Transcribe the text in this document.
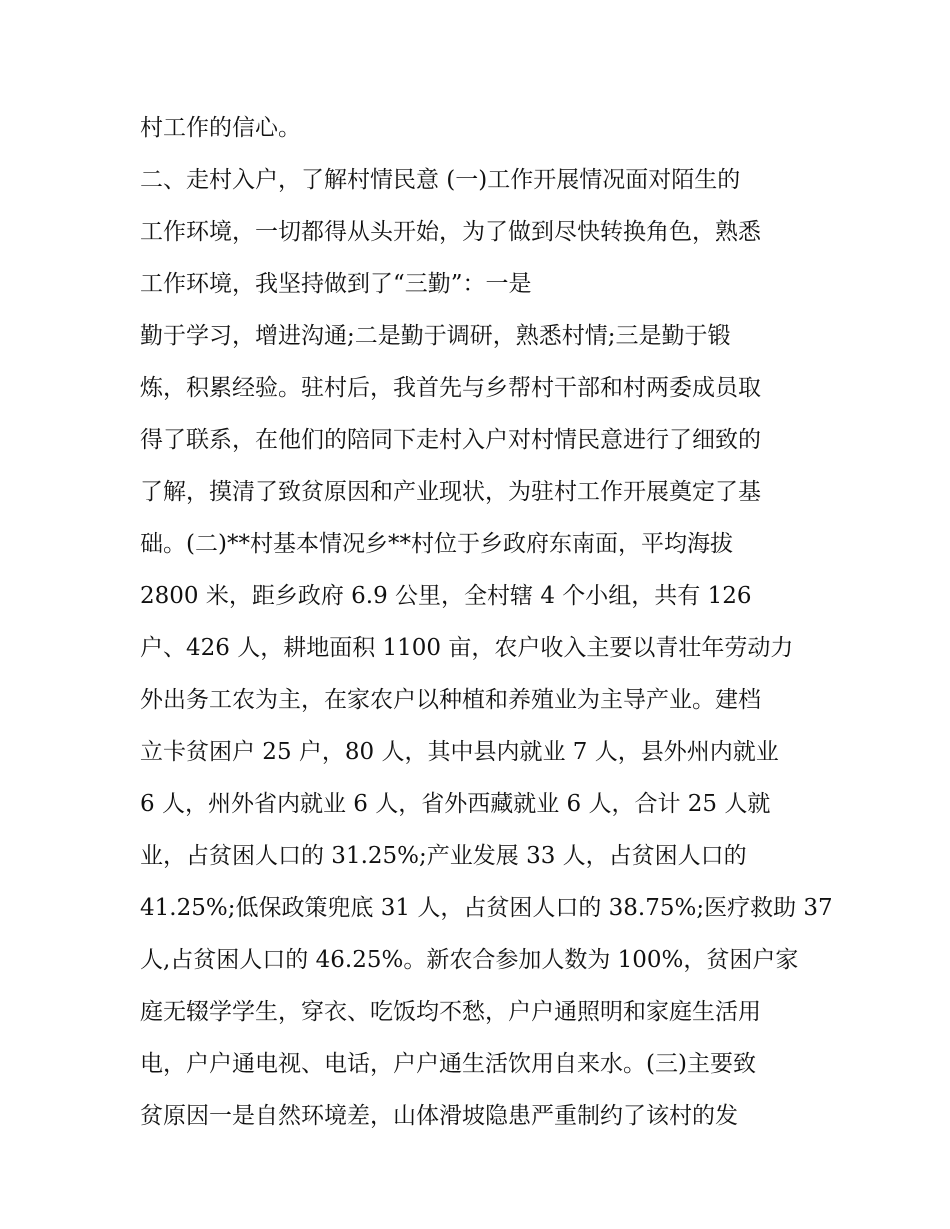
村工作的信心。
二、走村入户，了解村情民意 (一)工作开展情况面对陌生的
工作环境，一切都得从头开始，为了做到尽快转换角色，熟悉
工作环境，我坚持做到了“三勤”：一是
勤于学习，增进沟通;二是勤于调研，熟悉村情;三是勤于锻
炼，积累经验。驻村后，我首先与乡帮村干部和村两委成员取
得了联系，在他们的陪同下走村入户对村情民意进行了细致的
了解，摸清了致贫原因和产业现状，为驻村工作开展奠定了基
础。(二)**村基本情况乡**村位于乡政府东南面，平均海拔
2800 米，距乡政府 6.9 公里，全村辖 4 个小组，共有 126
户、426 人，耕地面积 1100 亩，农户收入主要以青壮年劳动力
外出务工农为主，在家农户以种植和养殖业为主导产业。建档
立卡贫困户 25 户，80 人，其中县内就业 7 人，县外州内就业
6 人，州外省内就业 6 人，省外西藏就业 6 人，合计 25 人就
业，占贫困人口的 31.25%;产业发展 33 人，占贫困人口的
41.25%;低保政策兜底 31 人，占贫困人口的 38.75%;医疗救助 37
人,占贫困人口的 46.25%。新农合参加人数为 100%，贫困户家
庭无辍学学生，穿衣、吃饭均不愁，户户通照明和家庭生活用
电，户户通电视、电话，户户通生活饮用自来水。(三)主要致
贫原因一是自然环境差，山体滑坡隐患严重制约了该村的发
